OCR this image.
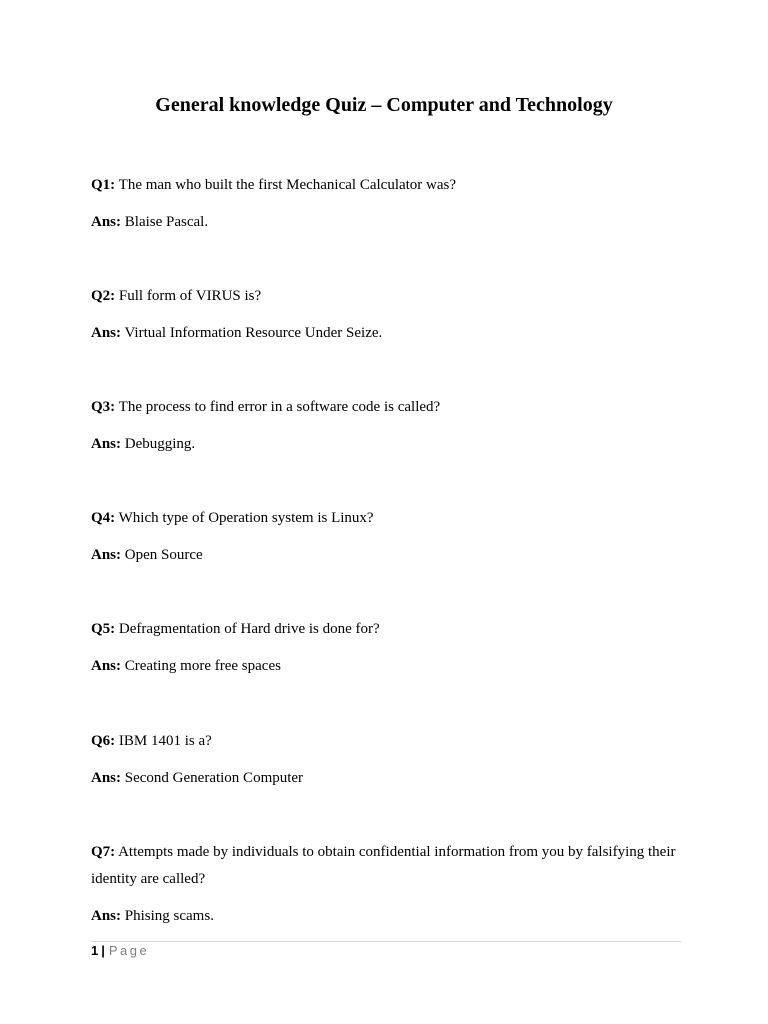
General knowledge Quiz – Computer and Technology

Q1: The man who built the first Mechanical Calculator was?

Ans: Blaise Pascal.

Q2: Full form of VIRUS is?

Ans: Virtual Information Resource Under Seize.

Q3: The process to find error in a software code is called?

Ans: Debugging.

Q4: Which type of Operation system is Linux?

Ans: Open Source

Q5: Defragmentation of Hard drive is done for?

Ans: Creating more free spaces

Q6: IBM 1401 is a?

Ans: Second Generation Computer

Q7: Attempts made by individuals to obtain confidential information from you by falsifying their identity are called?

Ans: Phising scams.

1 | Page
